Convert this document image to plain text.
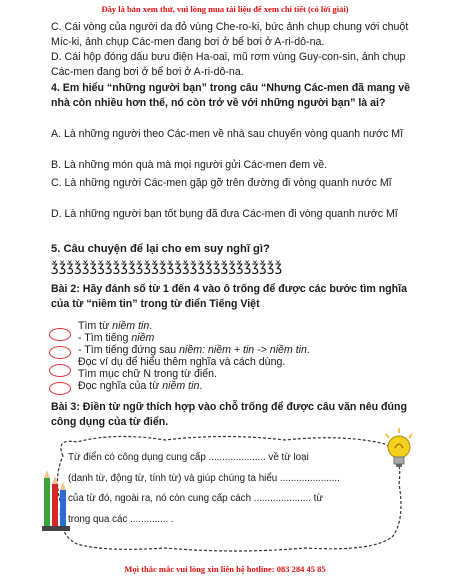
Đây là bản xem thử, vui lòng mua tài liệu để xem chi tiết (có lời giải)
C. Cái vòng của người da đỏ vùng Che-ro-ki, bức ảnh chụp chung với chuột Míc-ki, ảnh chụp Các-men đang bơi ở bể bơi ở A-ri-dô-na.
D. Cái hộp đóng dấu bưu điện Ha-oai, mũ rơm vùng Guy-con-sin, ảnh chụp Các-men đang bơi ở bể bơi ở A-ri-dô-na.
4. Em hiểu “những người bạn” trong câu “Nhưng Các-men đã mang về nhà còn nhiều hơn thế, nó còn trở về với những người bạn” là ai?
A. Là những người theo Các-men về nhà sau chuyến vòng quanh nước Mĩ
B. Là những món quà mà mọi người gửi Các-men đem về.
C. Là những người Các-men gặp gỡ trên đường đi vòng quanh nước Mĩ
D. Là những người bạn tốt bụng đã đưa Các-men đi vòng quanh nước Mĩ
5. Câu chuyện để lại cho em suy nghĩ gì?
ǯǯǯǯǯǯǯǯǯǯǯǯǯǯǯǯǯǯǯǯǯǯǯǯǯǯǯǯǯǯ
Bài 2: Hãy đánh số từ 1 đến 4 vào ô trống để được các bước tìm nghĩa của từ “niềm tin” trong từ điển Tiếng Việt
Tìm từ niềm tin.
- Tìm tiếng niềm
- Tìm tiếng đứng sau niềm: niềm + tin -> niềm tin.
Đọc ví dụ để hiểu thêm nghĩa và cách dùng.
Tìm mục chữ N trong từ điển.
Đọc nghĩa của từ niềm tin.
Bài 3: Điền từ ngữ thích hợp vào chỗ trống để được câu văn nêu đúng công dụng của từ điển.
Từ điển có công dụng cung cấp ..................... về từ loại
(danh từ, động từ, tính từ) và giúp chúng ta hiểu ......................
của từ đó, ngoài ra, nó còn cung cấp cách ..................... từ
trong qua các .............. .
Mọi thắc mắc vui lòng xin liên hệ hotline: 083 284 45 85
